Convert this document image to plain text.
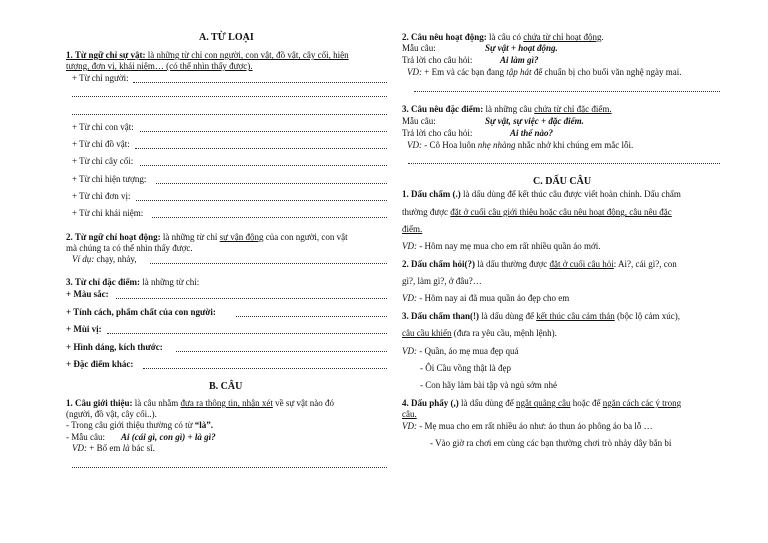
A. TỪ LOẠI
1. Từ ngữ chỉ sự vật: là những từ chỉ con người, con vật, đồ vật, cây cối, hiện
tượng, đơn vị, khái niệm… (có thể nhìn thấy được).
+ Từ chỉ người:
+ Từ chỉ con vật:
+ Từ chỉ đồ vật:
+ Từ chỉ cây cối:
+ Từ chỉ hiện tượng:
+ Từ chỉ đơn vị:
+ Từ chỉ khái niệm:
2. Từ ngữ chỉ hoạt động: là những từ chỉ sự vận động của con người, con vật
mà chúng ta có thể nhìn thấy được.
Ví dụ: chạy, nhảy,
3. Từ chỉ đặc điểm: là những từ chỉ:
+ Màu sắc:
+ Tính cách, phẩm chất của con người:
+ Mùi vị:
+ Hình dáng, kích thước:
+ Đặc điểm khác:
B. CÂU
1. Câu giới thiệu: là câu nhằm đưa ra thông tin, nhận xét về sự vật nào đó
(người, đồ vật, cây cối..).
- Trong câu giới thiệu thường có từ “là”.
- Mẫu câu: Ai (cái gì, con gì) + là gì?
VD: + Bố em là bác sĩ.
2. Câu nêu hoạt động: là câu có chứa từ chỉ hoạt động.
Mẫu câu:	Sự vật + hoạt động.
Trả lời cho câu hỏi:	Ai làm gì?
VD: + Em và các bạn đang tập hát để chuẩn bị cho buổi văn nghệ ngày mai.
3. Câu nêu đặc điểm: là những câu chứa từ chỉ đặc điểm.
Mẫu câu:	Sự vật, sự việc + đặc điểm.
Trả lời cho câu hỏi:	Ai thế nào?
VD: - Cô Hoa luôn nhẹ nhàng nhắc nhở khi chúng em mắc lỗi.
C. DẤU CÂU
1. Dấu chấm (.) là dấu dùng để kết thúc câu được viết hoàn chỉnh. Dấu chấm
thường được đặt ở cuối câu giới thiệu hoặc câu nêu hoạt động, câu nêu đặc
điểm.
VD: - Hôm nay mẹ mua cho em rất nhiều quần áo mới.
2. Dấu chấm hỏi(?) là dấu thường được đặt ở cuối câu hỏi: Ai?, cái gì?, con
gì?, làm gì?, ở đâu?…
VD: - Hôm nay ai đã mua quần áo đẹp cho em
3. Dấu chấm than(!) là dấu dùng để kết thúc câu cảm thán (bộc lộ cảm xúc),
câu cầu khiến (đưa ra yêu cầu, mệnh lệnh).
VD: - Quần, áo mẹ mua đẹp quá
- Ôi Cầu vồng thật là đẹp
- Con hãy làm bài tập và ngủ sớm nhé
4. Dấu phẩy (,) là dấu dùng để ngắt quãng câu hoặc để ngăn cách các ý trong
câu.
VD: - Mẹ mua cho em rất nhiều áo như: áo thun áo phông áo ba lỗ …
- Vào giờ ra chơi em cùng các bạn thường chơi trò nhảy dây bắn bi
